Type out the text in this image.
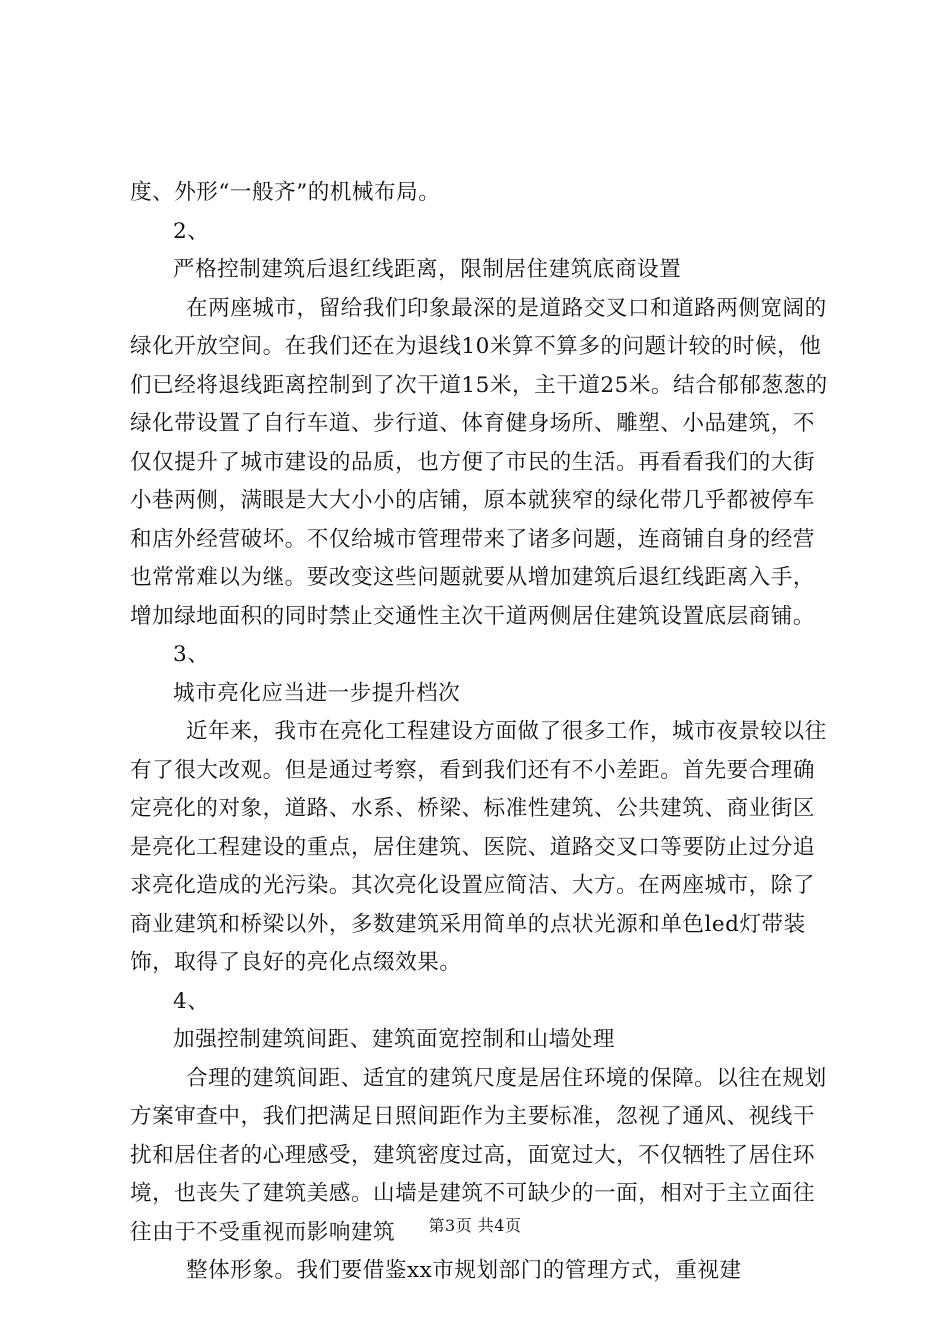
度、外形“一般齐”的机械布局。

2、

严格控制建筑后退红线距离，限制居住建筑底商设置

在两座城市，留给我们印象最深的是道路交叉口和道路两侧宽阔的绿化开放空间。在我们还在为退线10米算不算多的问题计较的时候，他们已经将退线距离控制到了次干道15米，主干道25米。结合郁郁葱葱的绿化带设置了自行车道、步行道、体育健身场所、雕塑、小品建筑，不仅仅提升了城市建设的品质，也方便了市民的生活。再看看我们的大街小巷两侧，满眼是大大小小的店铺，原本就狭窄的绿化带几乎都被停车和店外经营破坏。不仅给城市管理带来了诸多问题，连商铺自身的经营也常常难以为继。要改变这些问题就要从增加建筑后退红线距离入手，增加绿地面积的同时禁止交通性主次干道两侧居住建筑设置底层商铺。

3、

城市亮化应当进一步提升档次

近年来，我市在亮化工程建设方面做了很多工作，城市夜景较以往有了很大改观。但是通过考察，看到我们还有不小差距。首先要合理确定亮化的对象，道路、水系、桥梁、标准性建筑、公共建筑、商业街区是亮化工程建设的重点，居住建筑、医院、道路交叉口等要防止过分追求亮化造成的光污染。其次亮化设置应简洁、大方。在两座城市，除了商业建筑和桥梁以外，多数建筑采用简单的点状光源和单色led灯带装饰，取得了良好的亮化点缀效果。

4、

加强控制建筑间距、建筑面宽控制和山墙处理

合理的建筑间距、适宜的建筑尺度是居住环境的保障。以往在规划方案审查中，我们把满足日照间距作为主要标准，忽视了通风、视线干扰和居住者的心理感受，建筑密度过高，面宽过大，不仅牺牲了居住环境，也丧失了建筑美感。山墙是建筑不可缺少的一面，相对于主立面往往由于不受重视而影响建筑

整体形象。我们要借鉴xx市规划部门的管理方式，重视建

第3页 共4页
